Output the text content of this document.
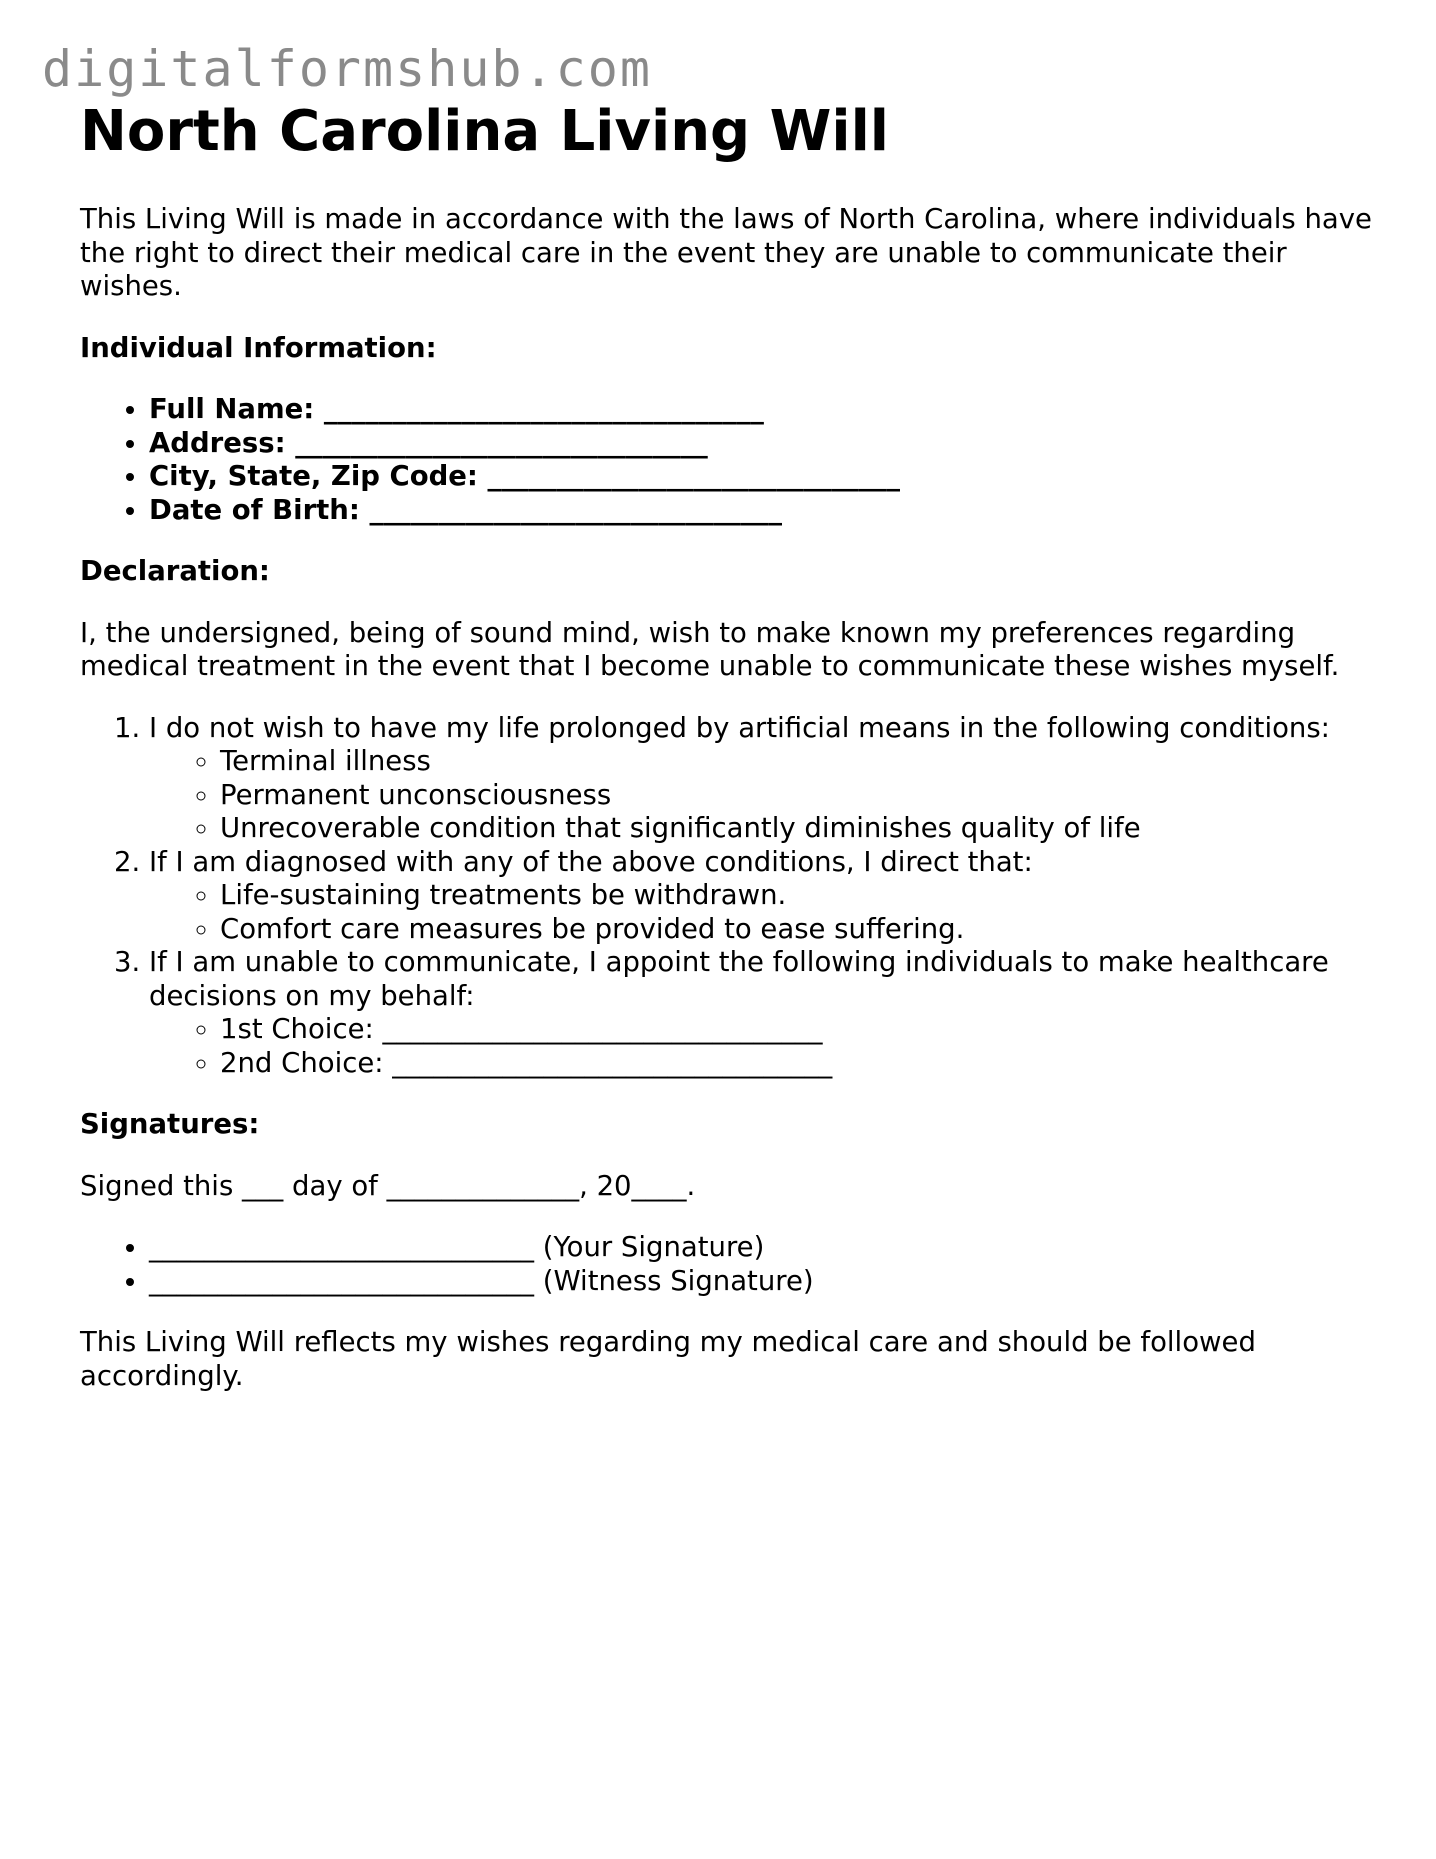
digitalformshub.com
North Carolina Living Will

This Living Will is made in accordance with the laws of North Carolina, where individuals have the right to direct their medical care in the event they are unable to communicate their wishes.

Individual Information:

• Full Name: ________________________________
• Address: ______________________________
• City, State, Zip Code: ______________________________
• Date of Birth: ______________________________

Declaration:

I, the undersigned, being of sound mind, wish to make known my preferences regarding medical treatment in the event that I become unable to communicate these wishes myself.

1. I do not wish to have my life prolonged by artificial means in the following conditions:
◦ Terminal illness
◦ Permanent unconsciousness
◦ Unrecoverable condition that significantly diminishes quality of life
2. If I am diagnosed with any of the above conditions, I direct that:
◦ Life-sustaining treatments be withdrawn.
◦ Comfort care measures be provided to ease suffering.
3. If I am unable to communicate, I appoint the following individuals to make healthcare decisions on my behalf:
◦ 1st Choice: ________________________________
◦ 2nd Choice: ________________________________

Signatures:

Signed this ___ day of ______________, 20____.

• ____________________________ (Your Signature)
• ____________________________ (Witness Signature)

This Living Will reflects my wishes regarding my medical care and should be followed accordingly.
